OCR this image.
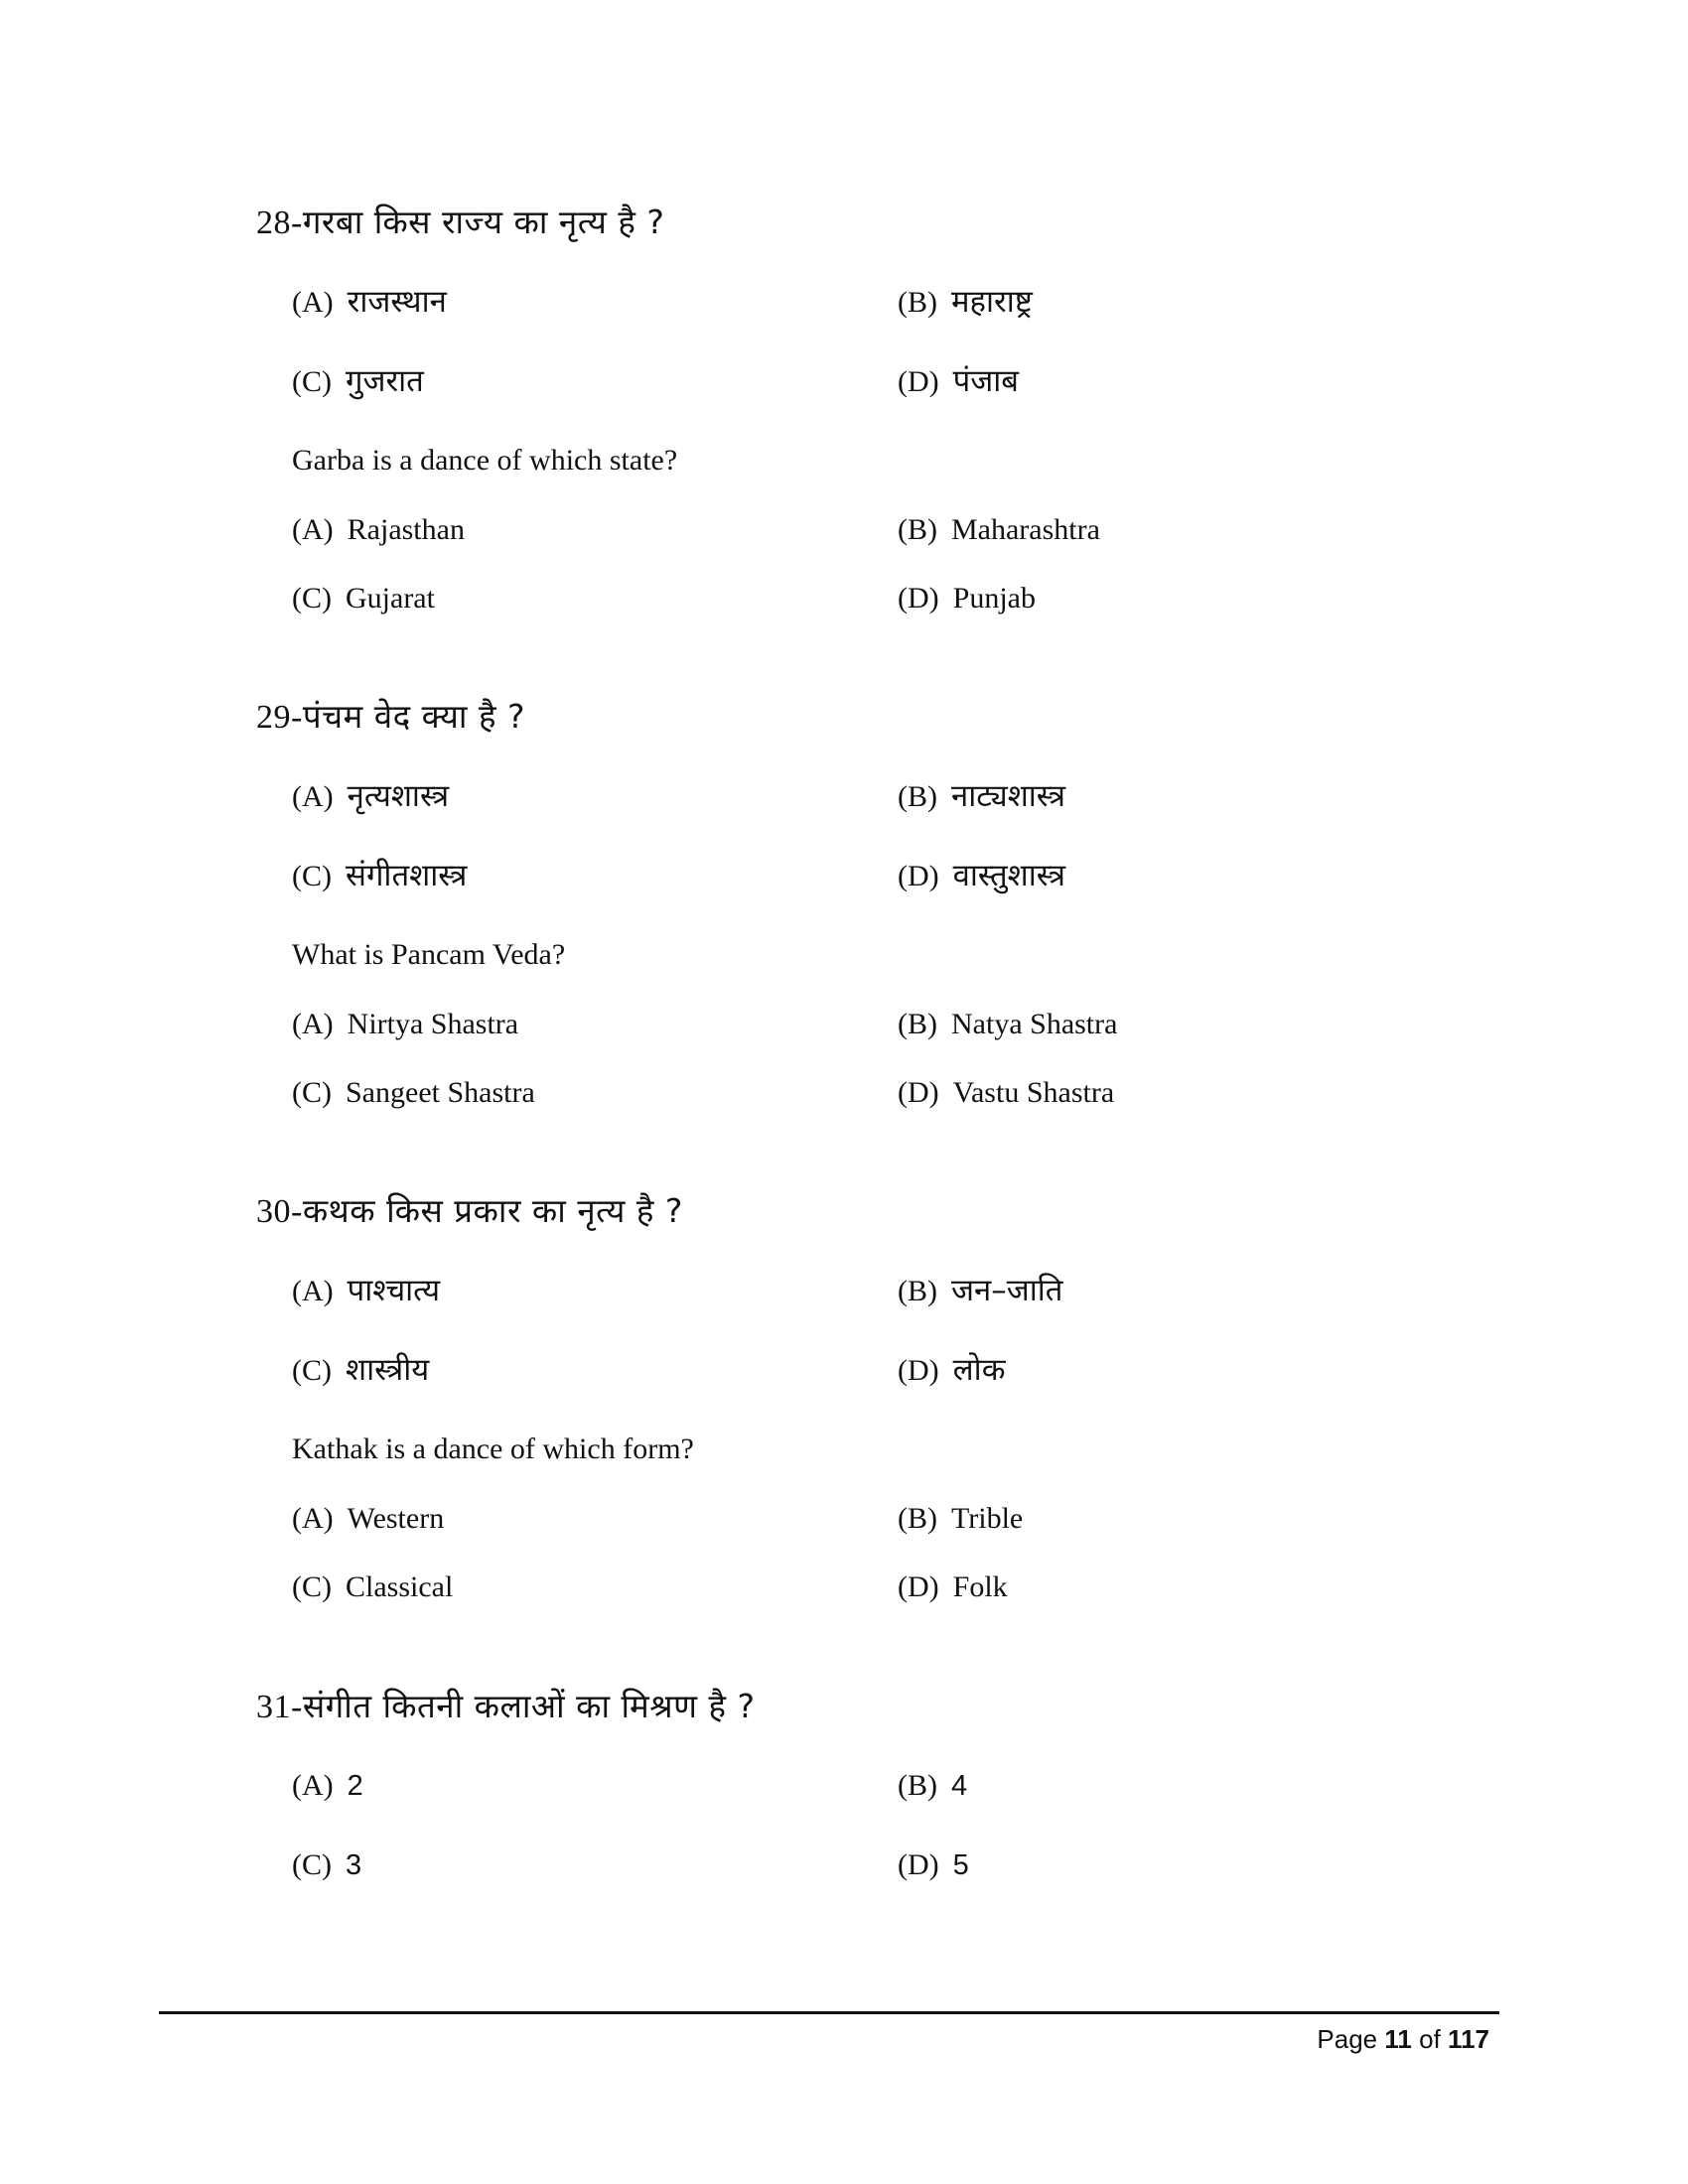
28-गरबा किस राज्य का नृत्य है ?
(A) राजस्थान	(B) महाराष्ट्र
(C) गुजरात	(D) पंजाब
Garba is a dance of which state?
(A) Rajasthan	(B) Maharashtra
(C) Gujarat	(D) Punjab
29-पंचम वेद क्या है ?
(A) नृत्यशास्त्र	(B) नाट्यशास्त्र
(C) संगीतशास्त्र	(D) वास्तुशास्त्र
What is Pancam Veda?
(A) Nirtya Shastra	(B) Natya Shastra
(C) Sangeet Shastra	(D) Vastu Shastra
30-कथक किस प्रकार का नृत्य है ?
(A) पाश्चात्य	(B) जन–जाति
(C) शास्त्रीय	(D) लोक
Kathak is a dance of which form?
(A) Western	(B) Trible
(C) Classical	(D) Folk
31-संगीत कितनी कलाओं का मिश्रण है ?
(A) 2	(B) 4
(C) 3	(D) 5
Page 11 of 117
